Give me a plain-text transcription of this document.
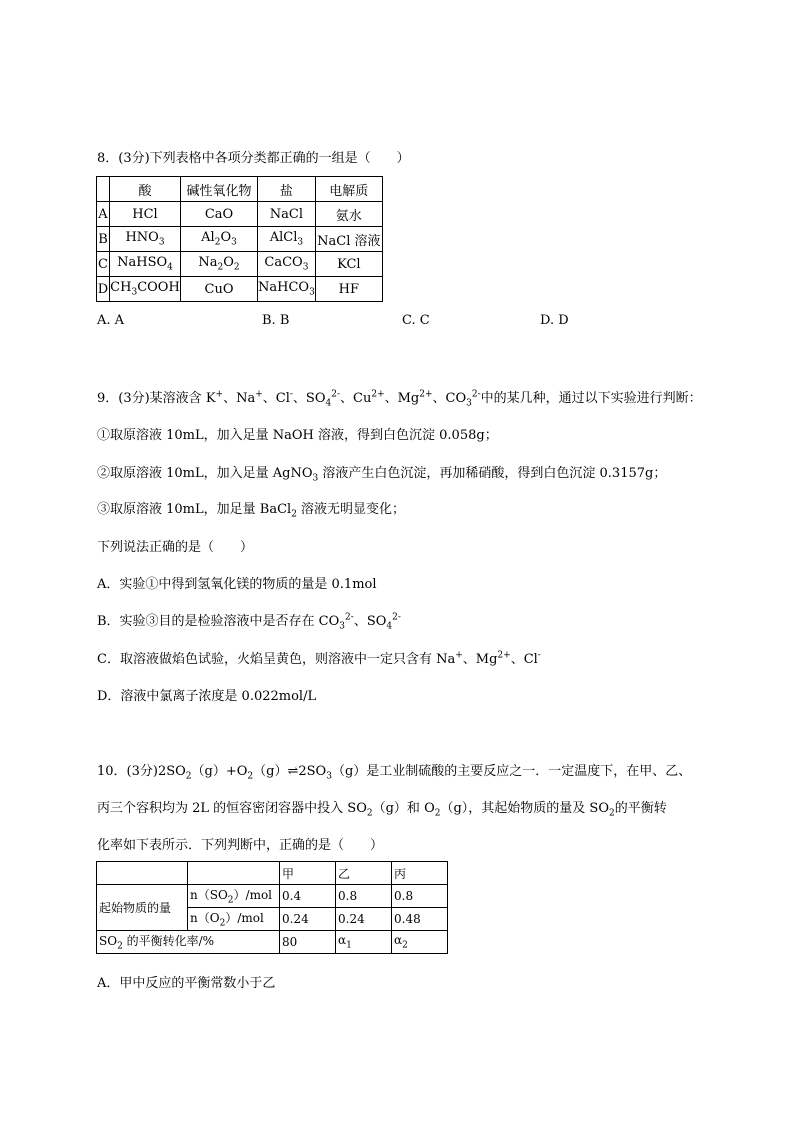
8．(3分)下列表格中各项分类都正确的一组是（　　）
	酸	碱性氧化物	盐	电解质
A	HCl	CaO	NaCl	氨水
B	$HNO_3$	$Al_2O_3$	AlCl$_3$	NaCl 溶液
C	NaHSO$_4$	$Na_2O_2$	CaCO$_3$	KCl
D	$CH_3COOH$	CuO	NaHCO$_3$	HF
A. A	B. B	C. C	D. D
9．(3分)某溶液含 K+、Na+、Cl-、$SO_4^{2-}$、$Cu^{2+}$、$Mg^{2+}$、$CO_3^{2-}$中的某几种，通过以下实验进行判断：
①取原溶液 10mL，加入足量 NaOH 溶液，得到白色沉淀 0.058g；
②取原溶液 10mL，加入足量 AgNO$_3$ 溶液产生白色沉淀，再加稀硝酸，得到白色沉淀 0.3157g；
③取原溶液 10mL，加足量 BaCl$_2$ 溶液无明显变化；
下列说法正确的是（　　）
A．实验①中得到氢氧化镁的物质的量是 0.1mol
B．实验③目的是检验溶液中是否存在 $CO_3^{2-}$、$SO_4^{2-}$
C．取溶液做焰色试验，火焰呈黄色，则溶液中一定只含有 Na+、$Mg^{2+}$、Cl-
D．溶液中氯离子浓度是 0.022mol/L
10．(3分)$2SO_2(g)+O_2(g)\rightleftharpoons 2SO_3(g)$是工业制硫酸的主要反应之一．一定温度下，在甲、乙、
丙三个容积均为 2L 的恒容密闭容器中投入 $SO_2(g)$和 $O_2(g)$，其起始物质的量及 $SO_2$的平衡转
化率如下表所示．下列判断中，正确的是（　　）
		甲	乙	丙
起始物质的量	$n(SO_2)$/mol	0.4	0.8	0.8
	$n(O_2)$/mol	0.24	0.24	0.48
$SO_2$ 的平衡转化率/%		80	$\alpha_1$	$\alpha_2$
A．甲中反应的平衡常数小于乙
